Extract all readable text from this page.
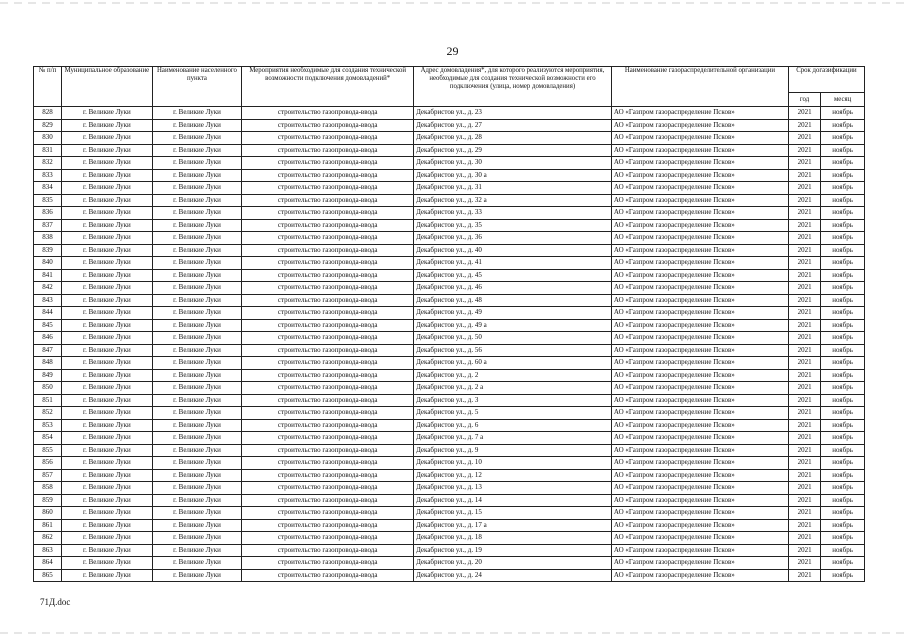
29
№ п/п	Муниципальное образование	Наименование населенного пункта	Мероприятия необходимые для создания технической возможности подключения домовладений*	Адрес домовладения*, для которого реализуются мероприятия, необходимые для создания технической возможности его подключения (улица, номер домовладения)	Наименование газораспределительной организации	Срок догазификации	
						год	месяц
828	г. Великие Луки	г. Великие Луки	строительство газопровода-ввода	Декабристов ул., д. 23	АО «Газпром газораспределение Псков»	2021	ноябрь
829	г. Великие Луки	г. Великие Луки	строительство газопровода-ввода	Декабристов ул., д. 27	АО «Газпром газораспределение Псков»	2021	ноябрь
830	г. Великие Луки	г. Великие Луки	строительство газопровода-ввода	Декабристов ул., д. 28	АО «Газпром газораспределение Псков»	2021	ноябрь
831	г. Великие Луки	г. Великие Луки	строительство газопровода-ввода	Декабристов ул., д. 29	АО «Газпром газораспределение Псков»	2021	ноябрь
832	г. Великие Луки	г. Великие Луки	строительство газопровода-ввода	Декабристов ул., д. 30	АО «Газпром газораспределение Псков»	2021	ноябрь
833	г. Великие Луки	г. Великие Луки	строительство газопровода-ввода	Декабристов ул., д. 30 а	АО «Газпром газораспределение Псков»	2021	ноябрь
834	г. Великие Луки	г. Великие Луки	строительство газопровода-ввода	Декабристов ул., д. 31	АО «Газпром газораспределение Псков»	2021	ноябрь
835	г. Великие Луки	г. Великие Луки	строительство газопровода-ввода	Декабристов ул., д. 32 а	АО «Газпром газораспределение Псков»	2021	ноябрь
836	г. Великие Луки	г. Великие Луки	строительство газопровода-ввода	Декабристов ул., д. 33	АО «Газпром газораспределение Псков»	2021	ноябрь
837	г. Великие Луки	г. Великие Луки	строительство газопровода-ввода	Декабристов ул., д. 35	АО «Газпром газораспределение Псков»	2021	ноябрь
838	г. Великие Луки	г. Великие Луки	строительство газопровода-ввода	Декабристов ул., д. 36	АО «Газпром газораспределение Псков»	2021	ноябрь
839	г. Великие Луки	г. Великие Луки	строительство газопровода-ввода	Декабристов ул., д. 40	АО «Газпром газораспределение Псков»	2021	ноябрь
840	г. Великие Луки	г. Великие Луки	строительство газопровода-ввода	Декабристов ул., д. 41	АО «Газпром газораспределение Псков»	2021	ноябрь
841	г. Великие Луки	г. Великие Луки	строительство газопровода-ввода	Декабристов ул., д. 45	АО «Газпром газораспределение Псков»	2021	ноябрь
842	г. Великие Луки	г. Великие Луки	строительство газопровода-ввода	Декабристов ул., д. 46	АО «Газпром газораспределение Псков»	2021	ноябрь
843	г. Великие Луки	г. Великие Луки	строительство газопровода-ввода	Декабристов ул., д. 48	АО «Газпром газораспределение Псков»	2021	ноябрь
844	г. Великие Луки	г. Великие Луки	строительство газопровода-ввода	Декабристов ул., д. 49	АО «Газпром газораспределение Псков»	2021	ноябрь
845	г. Великие Луки	г. Великие Луки	строительство газопровода-ввода	Декабристов ул., д. 49 а	АО «Газпром газораспределение Псков»	2021	ноябрь
846	г. Великие Луки	г. Великие Луки	строительство газопровода-ввода	Декабристов ул., д. 50	АО «Газпром газораспределение Псков»	2021	ноябрь
847	г. Великие Луки	г. Великие Луки	строительство газопровода-ввода	Декабристов ул., д. 56	АО «Газпром газораспределение Псков»	2021	ноябрь
848	г. Великие Луки	г. Великие Луки	строительство газопровода-ввода	Декабристов ул., д. 60 а	АО «Газпром газораспределение Псков»	2021	ноябрь
849	г. Великие Луки	г. Великие Луки	строительство газопровода-ввода	Декабристов ул., д. 2	АО «Газпром газораспределение Псков»	2021	ноябрь
850	г. Великие Луки	г. Великие Луки	строительство газопровода-ввода	Декабристов ул., д. 2 а	АО «Газпром газораспределение Псков»	2021	ноябрь
851	г. Великие Луки	г. Великие Луки	строительство газопровода-ввода	Декабристов ул., д. 3	АО «Газпром газораспределение Псков»	2021	ноябрь
852	г. Великие Луки	г. Великие Луки	строительство газопровода-ввода	Декабристов ул., д. 5	АО «Газпром газораспределение Псков»	2021	ноябрь
853	г. Великие Луки	г. Великие Луки	строительство газопровода-ввода	Декабристов ул., д. 6	АО «Газпром газораспределение Псков»	2021	ноябрь
854	г. Великие Луки	г. Великие Луки	строительство газопровода-ввода	Декабристов ул., д. 7 а	АО «Газпром газораспределение Псков»	2021	ноябрь
855	г. Великие Луки	г. Великие Луки	строительство газопровода-ввода	Декабристов ул., д. 9	АО «Газпром газораспределение Псков»	2021	ноябрь
856	г. Великие Луки	г. Великие Луки	строительство газопровода-ввода	Декабристов ул., д. 10	АО «Газпром газораспределение Псков»	2021	ноябрь
857	г. Великие Луки	г. Великие Луки	строительство газопровода-ввода	Декабристов ул., д. 12	АО «Газпром газораспределение Псков»	2021	ноябрь
858	г. Великие Луки	г. Великие Луки	строительство газопровода-ввода	Декабристов ул., д. 13	АО «Газпром газораспределение Псков»	2021	ноябрь
859	г. Великие Луки	г. Великие Луки	строительство газопровода-ввода	Декабристов ул., д. 14	АО «Газпром газораспределение Псков»	2021	ноябрь
860	г. Великие Луки	г. Великие Луки	строительство газопровода-ввода	Декабристов ул., д. 15	АО «Газпром газораспределение Псков»	2021	ноябрь
861	г. Великие Луки	г. Великие Луки	строительство газопровода-ввода	Декабристов ул., д. 17 а	АО «Газпром газораспределение Псков»	2021	ноябрь
862	г. Великие Луки	г. Великие Луки	строительство газопровода-ввода	Декабристов ул., д. 18	АО «Газпром газораспределение Псков»	2021	ноябрь
863	г. Великие Луки	г. Великие Луки	строительство газопровода-ввода	Декабристов ул., д. 19	АО «Газпром газораспределение Псков»	2021	ноябрь
864	г. Великие Луки	г. Великие Луки	строительство газопровода-ввода	Декабристов ул., д. 20	АО «Газпром газораспределение Псков»	2021	ноябрь
865	г. Великие Луки	г. Великие Луки	строительство газопровода-ввода	Декабристов ул., д. 24	АО «Газпром газораспределение Псков»	2021	ноябрь
71Д.doc
